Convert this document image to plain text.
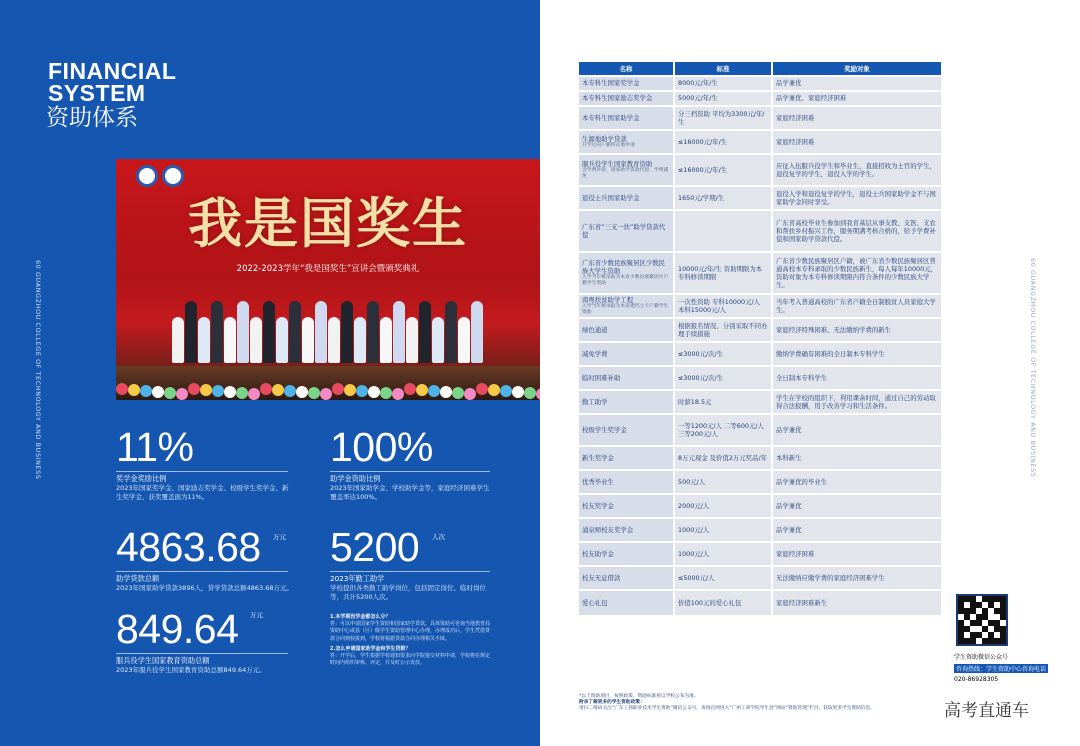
FINANCIAL
SYSTEM
资助体系
60 GUANGZHOU COLLEGE OF TECHNOLOGY AND BUSINESS
我是国奖生
2022-2023学年“我是国奖生”宣讲会暨颁奖典礼
11%
奖学金奖励比例
2023年国家奖学金、国家励志奖学金、校级学生奖学金、新生奖学金、获奖覆盖面为11%。
100%
助学金资助比例
2023年国家助学金、学校助学金等，家庭经济困难学生覆盖率达100%。
4863.68 万元
助学贷款总额
2023年国家助学贷款3896人，贷学贷款总额4863.68万元。
5200 人次
2023年勤工助学
学校提供各类勤工助学岗位，包括固定岗位、临时岗位等，共计5200人次。
849.64 万元
服兵役学生国家教育资助总额
2023年服兵役学生国家教育资助总额849.64万元。
1.本学期没学金都怎么分？
答：可以申请国家学生资助和国家助学贷款，具体资助可咨询当地教育局资助中心或县（区）级学生资助管理中心办理，办理成功后，学生凭借贷款合同到校报到，学校将根据贷款合同办理相关手续。
2.怎么申请国家助学金和学生贷款？
答：开学后，学生根据学校通知要求向学院提交材料申请，学校将在规定时间内组织审核、评定，并及时公示发放。
60 GUANGZHOU COLLEGE OF TECHNOLOGY AND BUSINESS
名称	标准	奖励对象

本专科生国家奖学金	8000元/年/生	品学兼优

本专科生国家励志奖学金	5000元/年/生	品学兼优、家庭经济困难

本专科生国家助学金	分三档资助 平均为3300元/年/生	家庭经济困难

生源地助学贷款
开学后向户籍所在地申请	≤16000元/年/生	家庭经济困难

服兵役学生国家教育资助
含学费补偿、国家助学贷款代偿、学费减免	≤16000元/年/生	应征入伍服兵役学生和毕业生，直接招收为士官的学生，退役复学的学生，退役入学的学生。

退役士兵国家助学金	1650元/学期/生	退役入学和退役复学的学生，退役士兵国家助学金不与国家助学金同时享受。

广东省“三支一扶”助学贷款代偿		广东省高校毕业生参加到我省基层从事支教、支医、支农和帮扶乡村振兴工作，服务期满考核合格的，给予学费补偿和国家助学贷款代偿。

广东省少数民族聚居区少数民族大学生资助
入学当年被录取为本省少数民族聚居区户籍学生资助	10000元/年/生 资助期限为本专科修读期限	广东省少数民族聚居区户籍，被广东省少数民族聚居区普通高校本专科录取的少数民族新生，每人每年10000元，资助对象为本专科修读期限内符合条件的少数民族大学生。

南粤扶贫助学工程
入学当年被录取为本省建档立卡户籍学生资助	一次性资助 专科10000元/人 本科15000元/人	当年考入普通高校的广东省户籍全日制脱贫人员家庭大学生。

绿色通道	根据报名情况，分别采取不同办理手续措施	家庭经济特殊困难、无法缴纳学费的新生

减免学费	≤3000元/次/生	缴纳学费确有困难的全日制本专科学生

临时困难补助	≤3000元/次/生	全日制本专科学生

勤工助学	时薪18.5元	学生在学校的组织下，利用课余时间，通过自己的劳动取得合法报酬，用于改善学习和生活条件。

校级学生奖学金	一等1200元/人 二等600元/人 三等200元/人	品学兼优

新生奖学金	8万元现金 及价值2万元奖品/年	本科新生

优秀毕业生	500元/人	品学兼优的毕业生

校友奖学金	2000元/人	品学兼优

涌泉师校友奖学金	1000元/人	品学兼优

校友助学金	1000元/人	家庭经济困难

校友无息借款	≤5000元/人	无法缴纳应缴学费的家庭经济困难学生

爱心礼包	价值100元的爱心礼包	家庭经济困难新生
*以上资助项目，按照政策、资助标准将以学校公布为准。
附录了解更多的学生资助政策：
请扫二维码关注“广东工商职业技术学生资助”微信公众号，查询官网进入“广州工商学院学生处”网站“资助管理”栏目，获取更多学生资助信息。
学生资助微信公众号
咨询热线：学生资助中心咨询电话
020-86928305
高考直通车
